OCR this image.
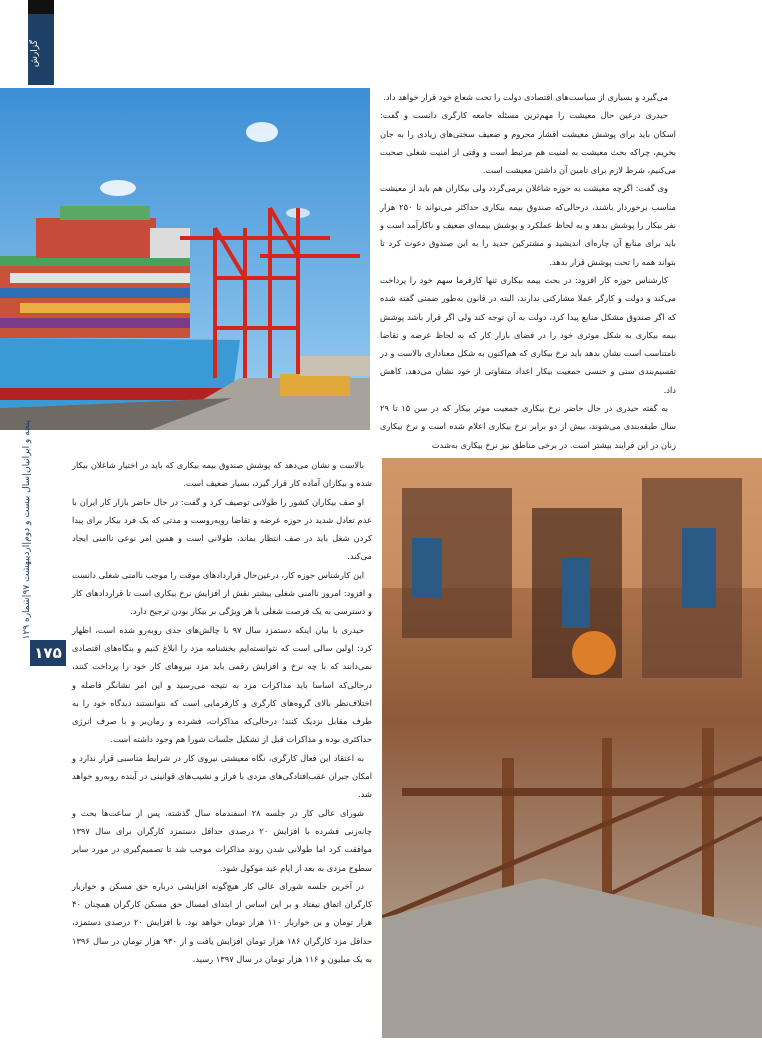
گزارش

می‌گیرد و بسیاری از سیاست‌های اقتصادی دولت را تحت شعاع خود قرار خواهد داد.

حیدری در‌عین حال معیشت را مهم‌ترین مسئله جامعه کارگری دانست و گفت: اسکان باید برای پوشش معیشت اقشار محروم و ضعیف سختی‌های زیادی را به جان بخریم، چراکه بحث معیشت به امنیت هم مرتبط است و وقتی از امنیت شغلی صحبت می‌کنیم، شرط لازم برای تامین آن داشتن معیشت است.

وی گفت: اگرچه معیشت به حوزه شاغلان برمی‌گردد ولی بیکاران هم باید از معیشت مناسب برخوردار باشند، درحالی‌که صندوق بیمه بیکاری حداکثر می‌تواند تا ۲۵۰ هزار نفر بیکار را پوشش بدهد و به لحاظ عملکرد و پوشش بیمه‌ای ضعیف و ناکارآمد است و باید برای منابع آن چاره‌ای اندیشید و مشترکین جدید را به این صندوق دعوت کرد تا بتواند همه را تحت پوشش قرار بدهد.

کارشناس حوزه کار افزود: در بحث بیمه بیکاری تنها کارفرما سهم خود را پرداخت می‌کند و دولت و کارگر عملا مشارکتی ندارند، البته در قانون به‌طور ضمنی گفته شده که اگر صندوق مشکل منابع پیدا کرد، دولت به آن توجه کند ولی اگر قرار باشد پوشش بیمه بیکاری به شکل موثری خود را در فضای بازار کار که به لحاظ عرضه و تقاضا نامتناسب است نشان بدهد باید نرخ بیکاری که هم‌اکنون به شکل معناداری بالاست و در تقسیم‌بندی سنی و جنسی جمعیت بیکار اعداد متفاوتی از خود نشان می‌دهد، کاهش داد.

به گفته حیدری در حال حاضر نرخ بیکاری جمعیت موثر بیکار که در سن ۱۵ تا ۲۹ سال طبقه‌بندی می‌شوند، بیش از دو برابر نرخ بیکاری اعلام شده است و نرخ بیکاری زنان در این فرایند بیشتر است. در برخی مناطق نیز نرخ بیکاری به‌شدت

بالاست و نشان می‌دهد که پوشش صندوق بیمه بیکاری که باید در اختیار شاغلان بیکار شده و بیکاران آماده کار قرار گیرد، بسیار ضعیف است.

او صف بیکاران کشور را طولانی توصیف کرد و گفت: در حال حاضر بازار کار ایران با عدم تعادل شدید در حوزه عرضه و تقاضا روبه‌روست و مدتی که یک فرد بیکار برای پیدا کردن شغل باید در صف انتظار بماند، طولانی است و همین امر نوعی ناامنی ایجاد می‌کند.

این کارشناس حوزه کار، در‌عین‌حال قراردادهای موقت را موجب ناامنی شغلی دانست و افزود: امروز ناامنی شغلی بیشتر نقش از افزایش نرخ بیکاری است تا قراردادهای کار و دسترسی به یک فرصت شغلی با هر ویژگی بر بیکار بودن ترجیح دارد.

حیدری با بیان اینکه دستمزد سال ۹۷ با چالش‌های جدی روبه‌رو شده است، اظهار کرد: اولین سالی است که نتوانسته‌ایم بخشنامه مزد را ابلاغ کنیم و بنگاه‌های اقتصادی نمی‌دانند که با چه نرخ و افزایش رقمی باید مزد نیروهای کار خود را پرداخت کنند، درحالی‌که اساسا باید مذاکرات مزد به نتیجه می‌رسید و این امر نشانگر فاصله و اختلاف‌نظر بالای گروه‌های کارگری و کارفرمایی است که نتوانستند دیدگاه خود را به طرف مقابل نزدیک کنند؛ درحالی‌که مذاکرات، فشرده و زمان‌بر و با صرف انرژی حداکثری بوده و مذاکرات قبل از تشکیل جلسات شورا هم وجود داشته است.

به اعتقاد این فعال کارگری، نگاه معیشتی نیروی کار در شرایط مناسبی قرار ندارد و امکان جبران عقب‌افتادگی‌های مزدی با فراز و نشیب‌های قوانینی در آینده روبه‌رو خواهد شد.

شورای عالی کار در جلسه ۲۸ اسفندماه سال گذشته، پس از ساعت‌ها بحث و چانه‌زنی فشرده با افزایش ۲۰ درصدی حداقل دستمزد کارگران برای سال ۱۳۹۷ موافقت کرد اما طولانی شدن روند مذاکرات موجب شد تا تصمیم‌گیری در مورد سایر سطوح مزدی به بعد از ایام عید موکول شود.

در آخرین جلسه شورای عالی کار هیچ‌گونه افزایشی درباره حق مسکن و خواربار کارگران اتفاق نیفتاد و بر این اساس از ابتدای امسال حق مسکن کارگران همچنان ۴۰ هزار تومان و بن خواربار ۱۱۰ هزار تومان خواهد بود. با افزایش ۲۰ درصدی دستمزد، حداقل مزد کارگران ۱۸۶ هزار تومان افزایش یافت و از ۹۳۰ هزار تومان در سال ۱۳۹۶ به یک میلیون و ۱۱۶ هزار تومان در سال ۱۳۹۷ رسید.

پنجه و ایرانیان|سال بیست و دوم|اردیبهشت ۹۷|شماره ۱۲۹
۱۷۵
